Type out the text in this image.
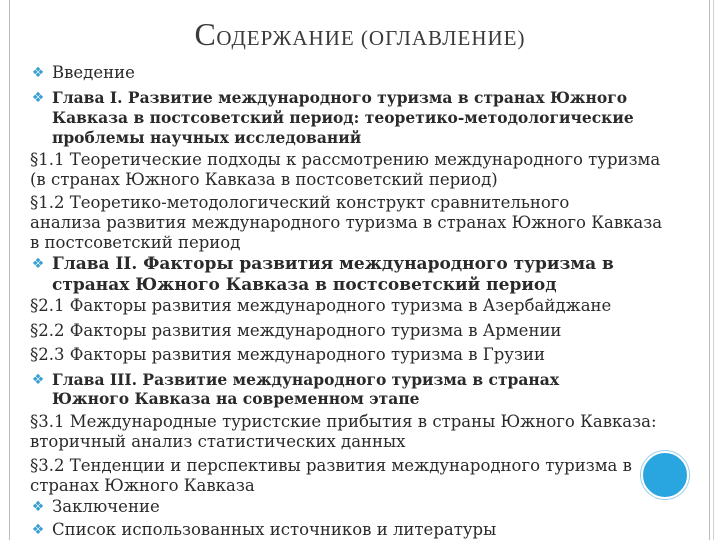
СОДЕРЖАНИЕ (ОГЛАВЛЕНИЕ)
❖ Введение
❖ Глава I. Развитие международного туризма в странах Южного
Кавказа в постсоветский период: теоретико-методологические
проблемы научных исследований
§1.1 Теоретические подходы к рассмотрению международного туризма
(в странах Южного Кавказа в постсоветский период)
§1.2 Теоретико-методологический конструкт сравнительного
анализа развития международного туризма в странах Южного Кавказа
в постсоветский период
❖ Глава II. Факторы развития международного туризма в
странах Южного Кавказа в постсоветский период
§2.1 Факторы развития международного туризма в Азербайджане
§2.2 Факторы развития международного туризма в Армении
§2.3 Факторы развития международного туризма в Грузии
❖ Глава III. Развитие международного туризма в странах
Южного Кавказа на современном этапе
§3.1 Международные туристские прибытия в страны Южного Кавказа:
вторичный анализ статистических данных
§3.2 Тенденции и перспективы развития международного туризма в
странах Южного Кавказа
❖ Заключение
❖ Список использованных источников и литературы
